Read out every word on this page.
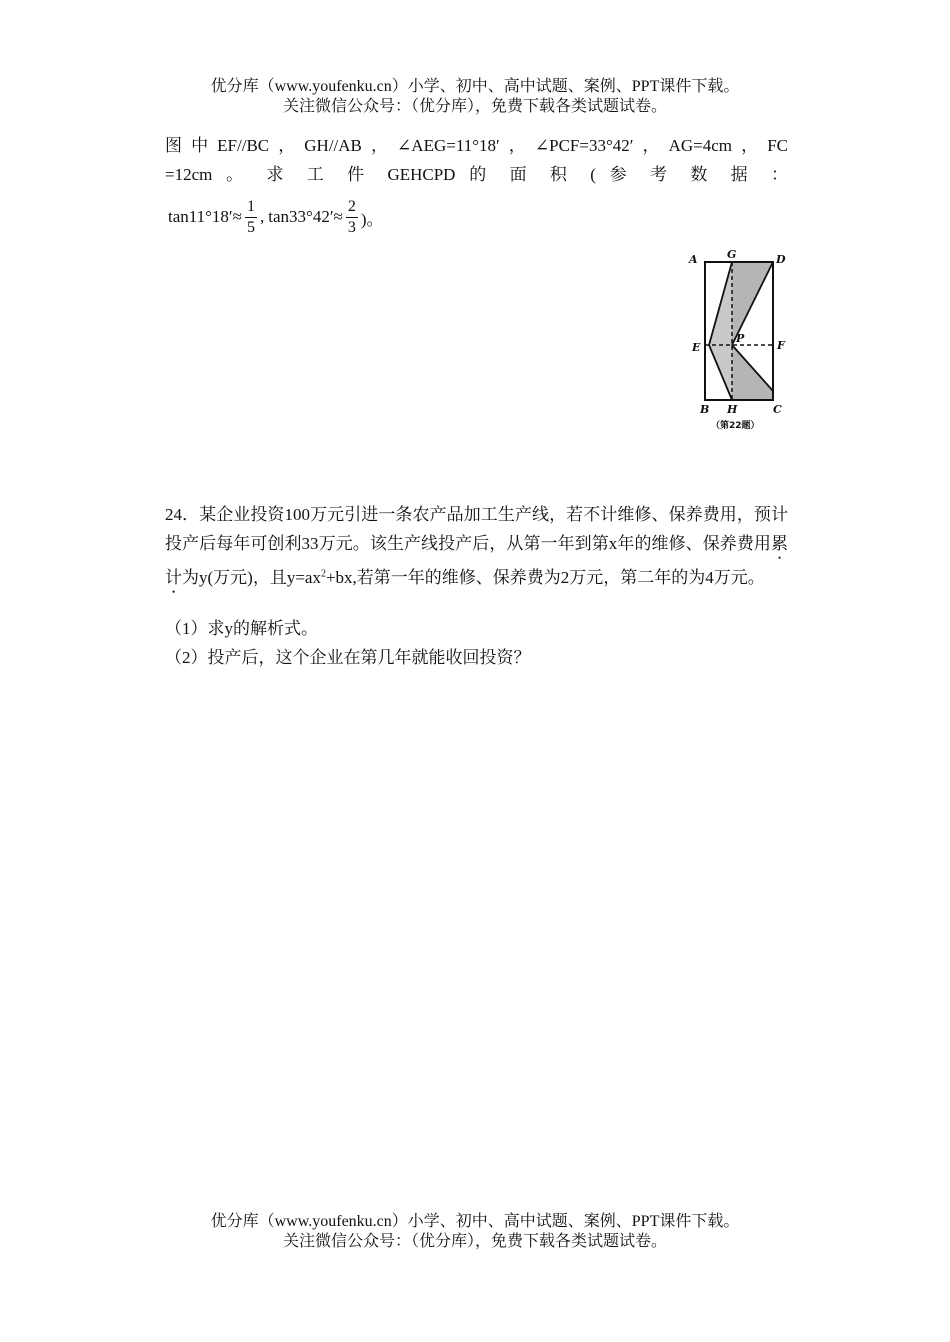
优分库（www.youfenku.cn）小学、初中、高中试题、案例、PPT课件下载。
关注微信公众号：（优分库），免费下载各类试题试卷。
图中EF//BC，GH//AB，∠AEG=11°18′，∠PCF=33°42′，AG=4cm，FC
=12cm 。 求 工 件 GEHCPD 的 面 积 ( 参 考 数 据 ：
$\tan 11^\circ 18'\approx \frac{1}{5}$ , $\tan 33^\circ 42'\approx \frac{2}{3}$ )。
A	G	D
P
E	F
B H	C
（第22题）
24．某企业投资100万元引进一条农产品加工生产线，若不计维修、保养费用，预计投产后每年可创利33万元。该生产线投产后，从第一年到第x年的维修、保养费用累计为y(万元)，且$y=ax^2+bx$,若第一年的维修、保养费为2万元，第二年的为4万元。
（1）求y的解析式。
（2）投产后，这个企业在第几年就能收回投资？
优分库（www.youfenku.cn）小学、初中、高中试题、案例、PPT课件下载。
关注微信公众号：（优分库），免费下载各类试题试卷。
